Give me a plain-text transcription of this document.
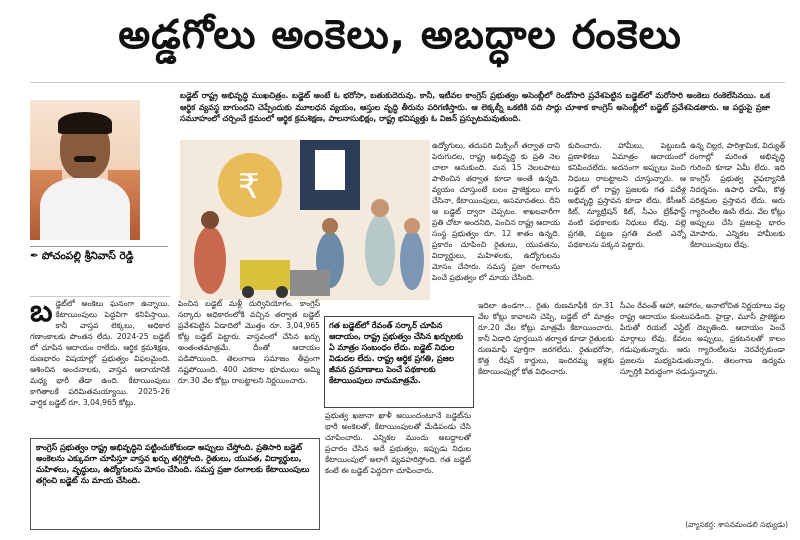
అడ్డగోలు అంకెలు, అబద్ధాల రంకెలు
✒ పోచంపల్లి శ్రీనివాస్ రెడ్డి
బడ్జెట్ రాష్ట్ర అభివృద్ధి ముఖచిత్రం. బడ్జెట్ అంటే ఓ భరోసా, బతుకుదెరువు. కానీ, ఇటీవల కాంగ్రెస్ ప్రభుత్వం అసెంబ్లీలో రెండోసారి ప్రవేశపెట్టిన బడ్జెట్‌లో మరోసారి అంకెలు రంకెలేసినయి. ఒక ఆర్థిక వ్యవస్థ బాగుందని చెప్పేందుకు మూలధన వ్యయం, ఆస్తుల వృద్ధి తీరును పరిగణిస్తారు. ఆ లెక్కల్నీ ఒకటికి పది సార్లు చూశాక కాంగ్రెస్ అసెంబ్లీలో బడ్జెట్ ప్రవేశపెడతారు. ఆ పద్దుపై ప్రజా సమూహంలో చర్చించే క్రమంలో ఆర్థిక క్రమశిక్షణ, పాలనాసుభిక్షం, రాష్ట్ర భవిష్యత్తు ఓ విజన్ ప్రస్ఫుటమవుతుంది.
₹
ఉద్యోగులు, తదుపరి మిక్సింగ్ తర్వాత దాని పెరుగుదల, రాష్ట్ర అభివృద్ధి కు ప్రతి నెల చాలా ఆనుకుంది. మన 15 నెలలపాటు పాలించిన తర్వాత కూడా అంతే ఉన్నది. వ్యయం చూస్తుంటే బలం ప్రాజెక్టులు బాగు చేసినా, కేటాయింపులు, అసమానతలు. దీని ఆ బడ్జెట్ ద్వారా చెప్పటం. శాఖలవారీగా ప్రతి చోటా అందనిది, పెంచిన రాష్ట్ర ఆదాయ సంస్థ ప్రభుత్వం రూ. 12 శాతం ఉన్నది. ప్రకారం చూపించి రైతులు, యువతను, విద్యార్థులు, మహిళలకు, ఉద్యోగులను మోసం చేసారు. సమస్త ప్రజా రంగాలను పెంచే ప్రభుత్వం లో మాయ చేసింది.
కుదించారు. హామీలు, పెట్టుబడి ప్రణాళికలు ఏమాత్రం ఆదాయంలో కనిపించలేదు. అదనంగా అప్పులు పెంచి నిధులు రాబట్టాలని చూస్తున్నారు. ఆ బడ్జెట్ లో రాష్ట్ర ప్రజలకు గత పదేళ్ల అభివృద్ధి ప్రస్తావన కూడా లేదు. కేసీఆర్ కిట్, న్యూట్రిషన్ కిట్, సీఎం బ్రేక్‌ఫాస్ట్ వంటి పథకాలకు నిధులు లేవు. పల్లె ప్రగతి, పట్టణ ప్రగతి వంటి ఎన్నో పథకాలను పక్కన పెట్టారు.
ఉన్న చిల్లర, పారిశ్రామిక, విద్యుత్ రంగాల్లో మరింత అభివృద్ధి గురించి కూడా ఏమీ లేదు. ఇది కాంగ్రెస్ ప్రభుత్వ వైఫల్యానికి నిదర్శనం. ఉపాధి హామీ, కొత్త పరిశ్రమల ప్రస్తావన లేదు. ఆరు గ్యారెంటీల ఊసే లేదు. వేల కోట్లు అప్పులు చేసి ప్రజలపై భారం మోపారు. ఎన్నికల హామీలకు కేటాయింపులు లేవు.
బడ్జెట్‌లో అంకెలు ఘనంగా ఉన్నాయి. కేటాయింపులు పెద్దవిగా కనిపిస్తాయి. కానీ వాస్తవ లెక్కలు, అధికార గణాంకాలకు పొంతన లేదు. 2024-25 బడ్జెట్ లో చూపిన ఆదాయం రాలేదు. ఆర్థిక క్రమశిక్షణ, రుణభారం విషయాల్లో ప్రభుత్వం విఫలమైంది. ఆశించిన అంచనాలకు, వాస్తవ ఆదాయానికి మధ్య భారీ తేడా ఉంది. కేటాయింపులు కాగితాలకే పరిమితమయ్యాయి. 2025-26 వార్షిక బడ్జెట్ రూ. 3,04,965 కోట్లు.
పెంచిన బడ్జెట్ మళ్లీ దుర్వినియోగం. కాంగ్రెస్ సర్కారు అధికారంలోకి వచ్చిన తర్వాత బడ్జెట్ ప్రవేశపెట్టిన ఏడాదిలో మొత్తం రూ. 3,04,965 కోట్ల బడ్జెట్ పెట్టారు. వాస్తవంలో చేసిన ఖర్చు అంతంతమాత్రమే. దీంతో ఆదాయం పడిపోయింది. తెలంగాణ సమాజం తీవ్రంగా నష్టపోయింది. 400 ఎకరాల భూములు అమ్మి రూ.30 వేల కోట్లు రాబట్టాలని నిర్ణయించారు.
గత బడ్జెట్‌లో రేవంత్ సర్కార్ చూపిన ఆదాయం, రాష్ట్ర ప్రభుత్వం చేసిన ఖర్చులకు ఏ మాత్రం సంబంధం లేదు. బడ్జెట్ నిధుల విడుదల లేదు. రాష్ట్ర ఆర్థిక ప్రగతి, ప్రజల జీవన ప్రమాణాలు పెంచే పథకాలకు కేటాయింపులు నామమాత్రమే.
ప్రభుత్వ ఖజానా ఖాళీ అయిందంటూనే బడ్జెట్‌ను భారీ అంకెలతో, కేటాయింపులతో మేడిపండు చేసి చూపించారు. ఎన్నికల ముందు అబద్ధాలతో ప్రచారం చేసిన అదే ప్రభుత్వం, ఇప్పుడు నిధుల కేటాయింపులో అలాగే వ్యవహరిస్తోంది. గత బడ్జెట్ కంటే ఈ బడ్జెట్ పెద్దదిగా చూపించారు.
ఇదిలా ఉండగా... రైతు రుణమాఫీకి రూ.31 వేల కోట్లు కావాలని చెప్పి, బడ్జెట్ లో మాత్రం రూ.20 వేల కోట్లు మాత్రమే కేటాయించారు. కానీ ఏడాది పూర్తయిన తర్వాత కూడా రైతులకు రుణమాఫీ పూర్తిగా జరగలేదు. రైతుభరోసా, కొత్త రేషన్ కార్డులు, ఇందిరమ్మ ఇళ్లకు కేటాయింపుల్లో కోత విధించారు.
సీఎం రేవంత్ ఆహా, ఆహారం, అనాలోచిత నిర్ణయాలు వల్ల రాష్ట్ర ఆదాయం కుంటుపడింది. హైడ్రా, మూసీ ప్రాజెక్టుల పేరుతో రియల్ ఎస్టేట్ దెబ్బతింది. ఆదాయం పెంచే మార్గాలు లేవు. కేవలం అప్పులు, ప్రకటనలతో కాలం గడుపుతున్నారు. ఆరు గ్యారెంటీలను నెరవేర్చకుండా ప్రజలను మభ్యపెడుతున్నారు. తెలంగాణ ఉద్యమ స్ఫూర్తికి విరుద్ధంగా నడుస్తున్నారు.
కాంగ్రెస్ ప్రభుత్వం రాష్ట్ర అభివృద్ధిని పట్టించుకోకుండా అప్పులు చేస్తోంది. ప్రతిసారి బడ్జెట్ అంకెలను ఎక్కువగా చూపిస్తూ వాస్తవ ఖర్చు తగ్గిస్తోంది. రైతులు, యువత, విద్యార్థులు, మహిళలు, వృద్ధులు, ఉద్యోగులను మోసం చేసింది. సమస్త ప్రజా రంగాలకు కేటాయింపులు తగ్గించి బడ్జెట్ ను మాయ చేసింది.
(వ్యాసకర్త: శాసనమండలి సభ్యుడు)
